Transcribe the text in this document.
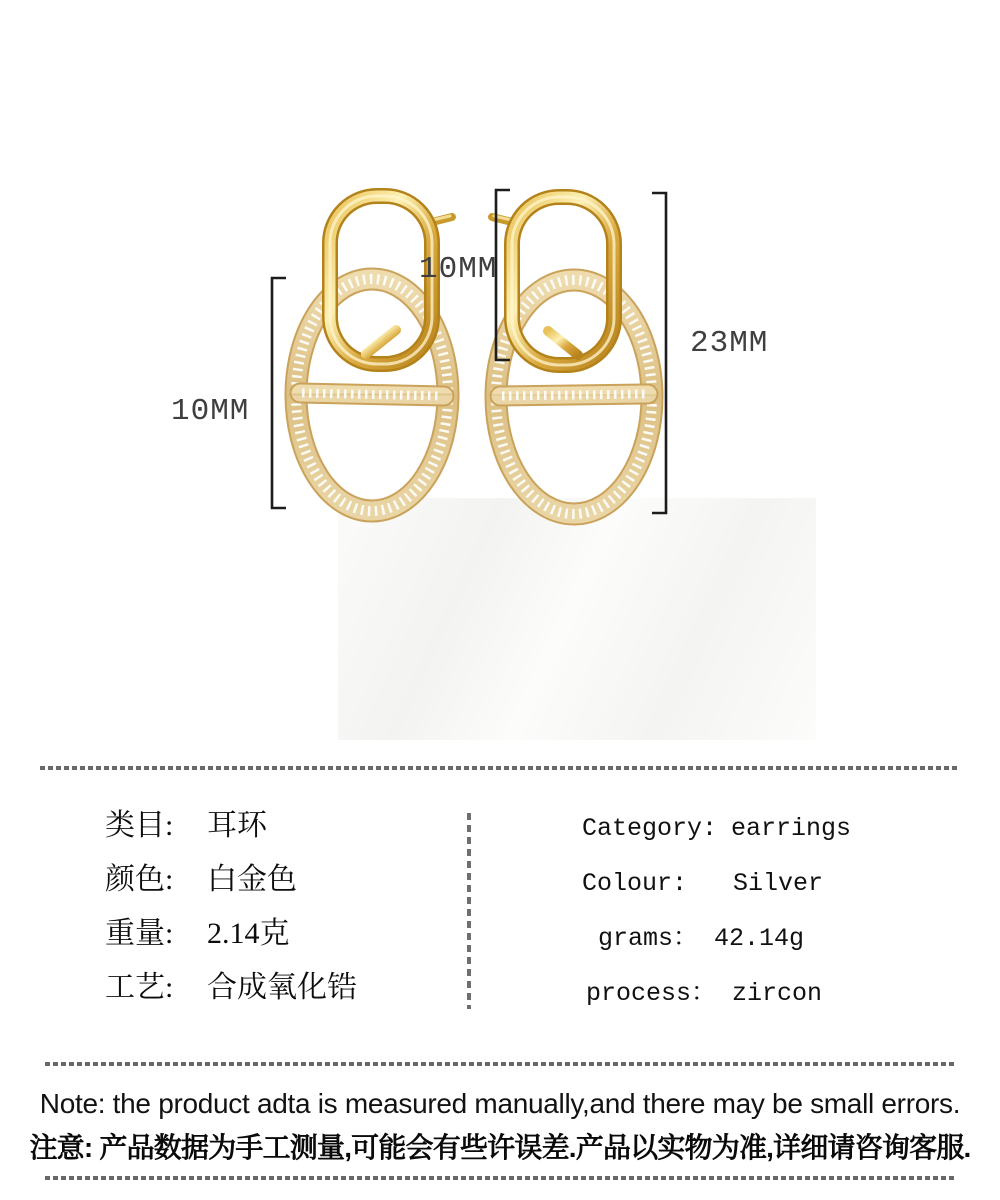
10MM
10MM
23MM
类目:	耳环
颜色:	白金色
重量:	2.14克
工艺:	合成氧化锆
Category: earrings
Colour: Silver
grams： 42.14g
process： zircon
Note: the product adta is measured manually,and there may be small errors.
注意: 产品数据为手工测量,可能会有些许误差.产品以实物为准,详细请咨询客服.
